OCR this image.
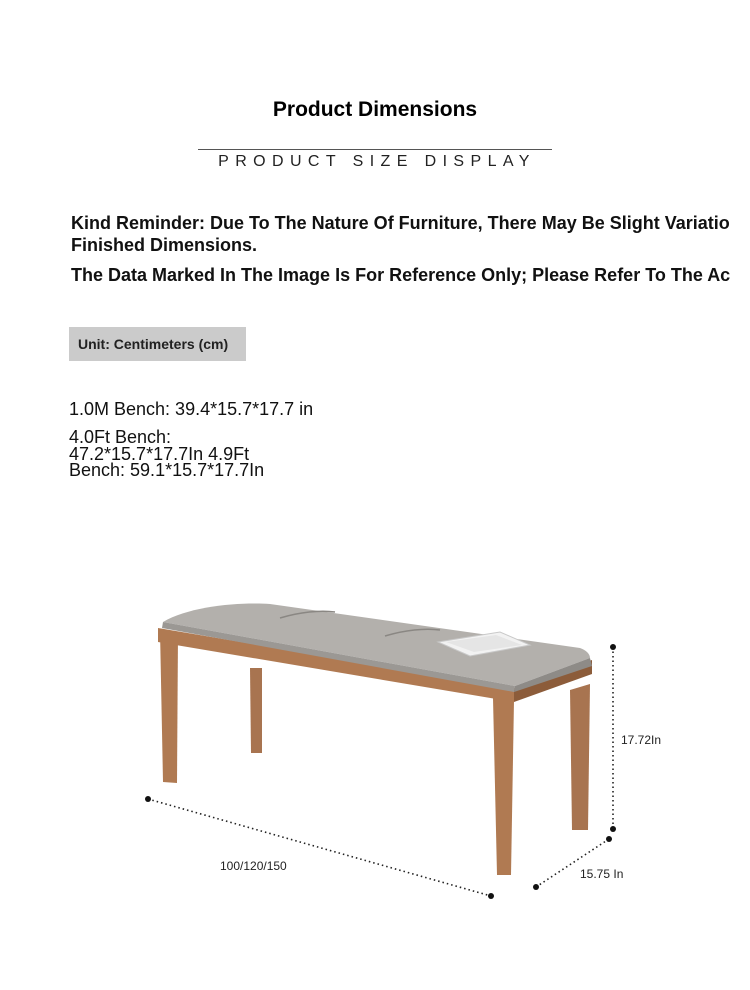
Product Dimensions
PRODUCT SIZE DISPLAY
Kind Reminder: Due To The Nature Of Furniture, There May Be Slight Variatio
Finished Dimensions.
The Data Marked In The Image Is For Reference Only; Please Refer To The Ac
Unit: Centimeters (cm)
1.0M Bench: 39.4*15.7*17.7 in
4.0Ft Bench:
47.2*15.7*17.7In 4.9Ft
Bench: 59.1*15.7*17.7In
17.72In
100/120/150
15.75 In
